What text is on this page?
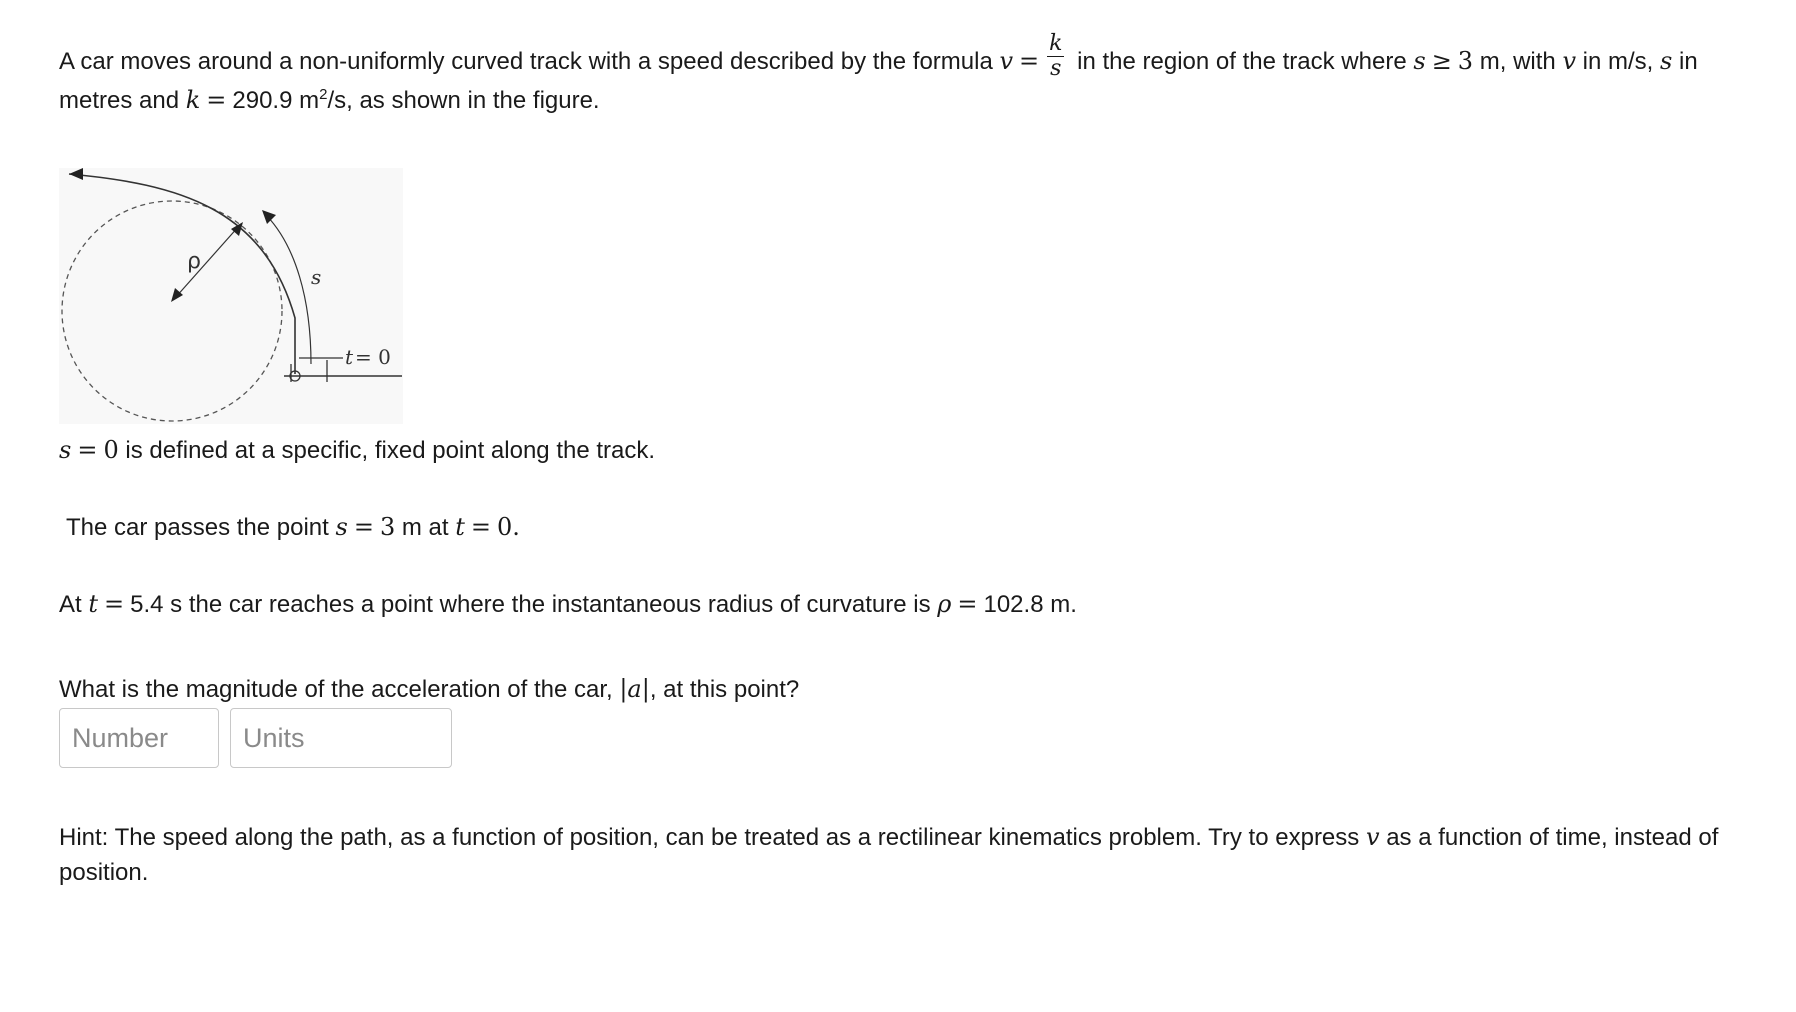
A car moves around a non-uniformly curved track with a speed described by the formula $v = \frac{k}{s}$ in the region of the track where s ≥ 3 m, with v in m/s, s in
metres and k = 290.9 $m^2/s$, as shown in the figure.
t = 0
s
ρ
s = 0 is defined at a specific, fixed point along the track.
The car passes the point s = 3 m at t = 0.
At t = 5.4 s the car reaches a point where the instantaneous radius of curvature is ρ = 102.8 m.
What is the magnitude of the acceleration of the car, |a|, at this point?
Number
Units
Hint: The speed along the path, as a function of position, can be treated as a rectilinear kinematics problem. Try to express v as a function of time, instead of position.
